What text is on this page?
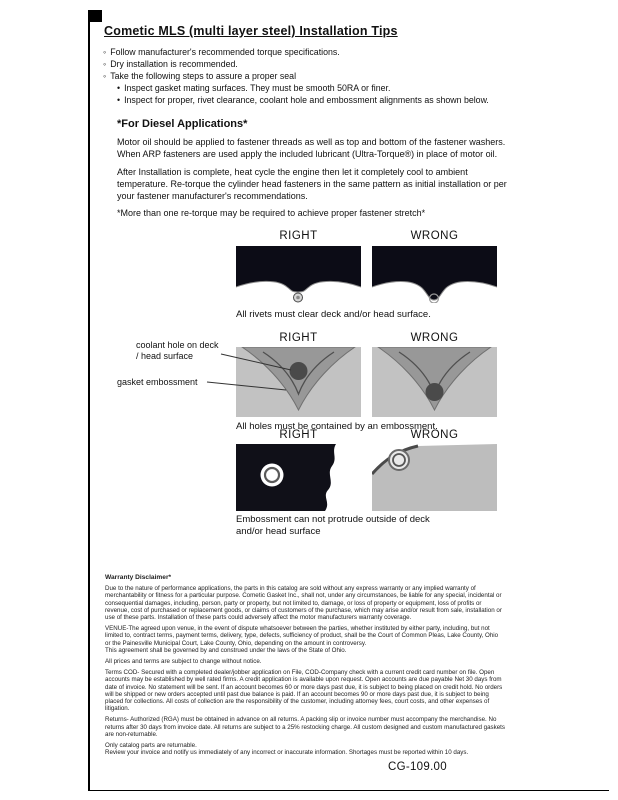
Cometic MLS (multi layer steel) Installation Tips
◦ Follow manufacturer's recommended torque specifications.
◦ Dry installation is recommended.
◦ Take the following steps to assure a proper seal
• Inspect gasket mating surfaces. They must be smooth 50RA or finer.
• Inspect for proper, rivet clearance, coolant hole and embossment alignments as shown below.
*For Diesel Applications*
Motor oil should be applied to fastener threads as well as top and bottom of the fastener washers. When ARP fasteners are used apply the included lubricant (Ultra-Torque®) in place of motor oil.
After Installation is complete, heat cycle the engine then let it completely cool to ambient temperature. Re-torque the cylinder head fasteners in the same pattern as initial installation or per your fastener manufacturer's recommendations.
*More than one re-torque may be required to achieve proper fastener stretch*
RIGHT	WRONG
All rivets must clear deck and/or head surface.
RIGHT	WRONG
coolant hole on deck / head surface
gasket embossment
All holes must be contained by an embossment.
RIGHT	WRONG
Embossment can not protrude outside of deck and/or head surface
Warranty Disclaimer*

Due to the nature of performance applications, the parts in this catalog are sold without any express warranty or any implied warranty of merchantability or fitness for a particular purpose. Cometic Gasket Inc., shall not, under any circumstances, be liable for any special, incidental or consequential damages, including, person, party or property, but not limited to, damage, or loss of property or equipment, loss of profits or revenue, cost of purchased or replacement goods, or claims of customers of the purchase, which may arise and/or result from sale, installation or use of these parts. Installation of these parts could adversely affect the motor manufacturers warranty coverage.

VENUE-The agreed upon venue, in the event of dispute whatsoever between the parties, whether instituted by either party, including, but not limited to, contract terms, payment terms, delivery, type, defects, sufficiency of product, shall be the Court of Common Pleas, Lake County, Ohio or the Painesville Municipal Court, Lake County, Ohio, depending on the amount in controversy.

This agreement shall be governed by and construed under the laws of the State of Ohio.

All prices and terms are subject to change without notice.

Terms COD- Secured with a completed dealer/jobber application on File, COD-Company check with a current credit card number on file. Open accounts may be established by well rated firms. A credit application is available upon request. Open accounts are due payable Net 30 days from date of invoice. No statement will be sent. If an account becomes 60 or more days past due, it is subject to being placed on credit hold. No orders will be shipped or new orders accepted until past due balance is paid. If an account becomes 90 or more days past due, it is subject to being placed for collections. All costs of collection are the responsibility of the customer, including attorney fees, court costs, and other expenses of litigation.

Returns- Authorized (RGA) must be obtained in advance on all returns. A packing slip or invoice number must accompany the merchandise. No returns after 30 days from invoice date. All returns are subject to a 25% restocking charge. All custom designed and custom manufactured gaskets are non-returnable.

Only catalog parts are returnable.

Review your invoice and notify us immediately of any incorrect or inaccurate information. Shortages must be reported within 10 days.

CG-109.00
